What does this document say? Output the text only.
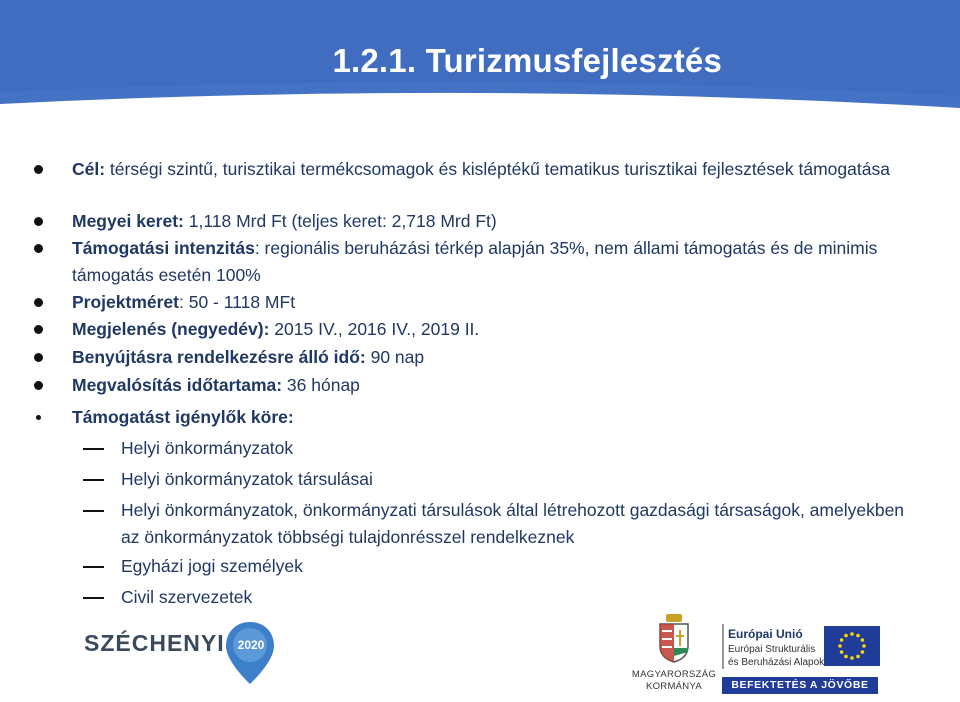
1.2.1. Turizmusfejlesztés
Cél: térségi szintű, turisztikai termékcsomagok és kisléptékű tematikus turisztikai fejlesztések támogatása
Megyei keret: 1,118 Mrd Ft (teljes keret: 2,718 Mrd Ft)
Támogatási intenzitás: regionális beruházási térkép alapján 35%, nem állami támogatás és de minimis támogatás esetén 100%
Projektméret: 50 - 1118 MFt
Megjelenés (negyedév): 2015 IV., 2016 IV., 2019 II.
Benyújtásra rendelkezésre álló idő: 90 nap
Megvalósítás időtartama: 36 hónap
Támogatást igénylők köre:
Helyi önkormányzatok
Helyi önkormányzatok társulásai
Helyi önkormányzatok, önkormányzati társulások által létrehozott gazdasági társaságok, amelyekben az önkormányzatok többségi tulajdonrésszel rendelkeznek
Egyházi jogi személyek
Civil szervezetek
SZÉCHENYI	2020
MAGYARORSZÁG
KORMÁNYA
Európai Unió
Európai Strukturális
és Beruházási Alapok
BEFEKTETÉS A JÖVŐBE
